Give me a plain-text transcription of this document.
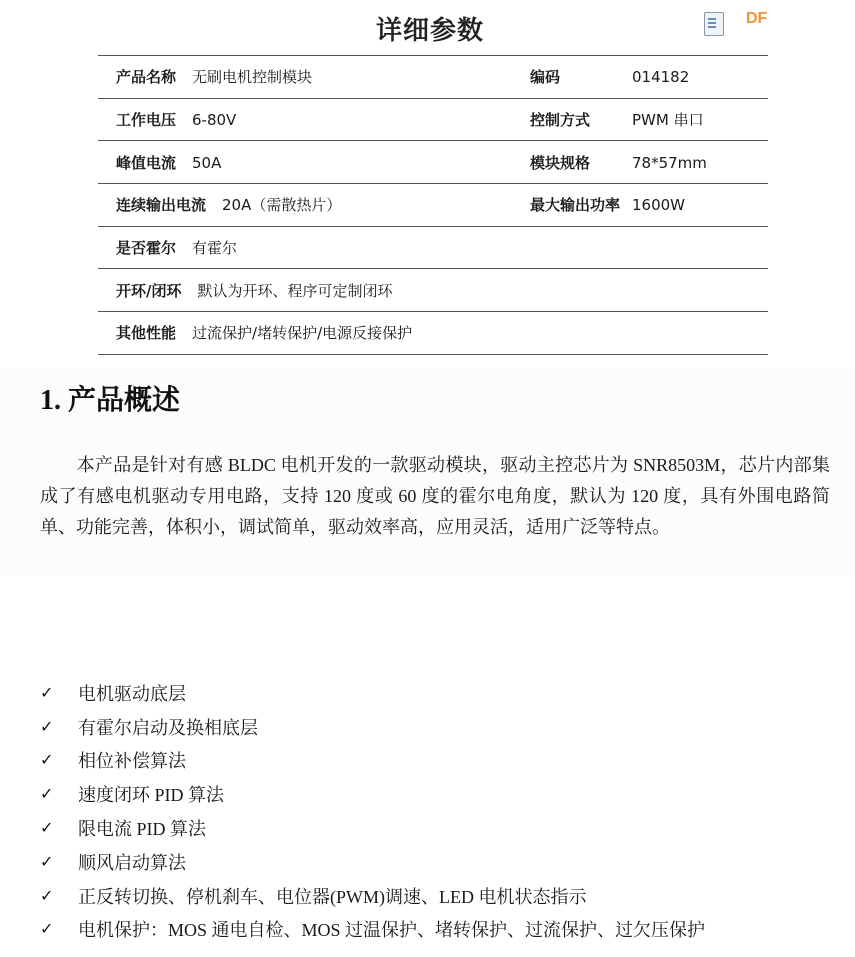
详细参数	DF
产品名称 无刷电机控制模块	编码 014182
工作电压 6-80V	控制方式 PWM 串口
峰值电流 50A	模块规格 78*57mm
连续输出电流 20A（需散热片）	最大输出功率 1600W
是否霍尔 有霍尔	
开环/闭环 默认为开环、程序可定制闭环	
其他性能 过流保护/堵转保护/电源反接保护	
1. 产品概述
　　本产品是针对有感 BLDC 电机开发的一款驱动模块，驱动主控芯片为 SNR8503M，芯片内部集成了有感电机驱动专用电路，支持 120 度或 60 度的霍尔电角度，默认为 120 度，具有外围电路简单、功能完善，体积小，调试简单，驱动效率高，应用灵活，适用广泛等特点。
✓	电机驱动底层
✓	有霍尔启动及换相底层
✓	相位补偿算法
✓	速度闭环 PID 算法
✓	限电流 PID 算法
✓	顺风启动算法
✓	正反转切换、停机刹车、电位器(PWM)调速、LED 电机状态指示
✓	电机保护：MOS 通电自检、MOS 过温保护、堵转保护、过流保护、过欠压保护
